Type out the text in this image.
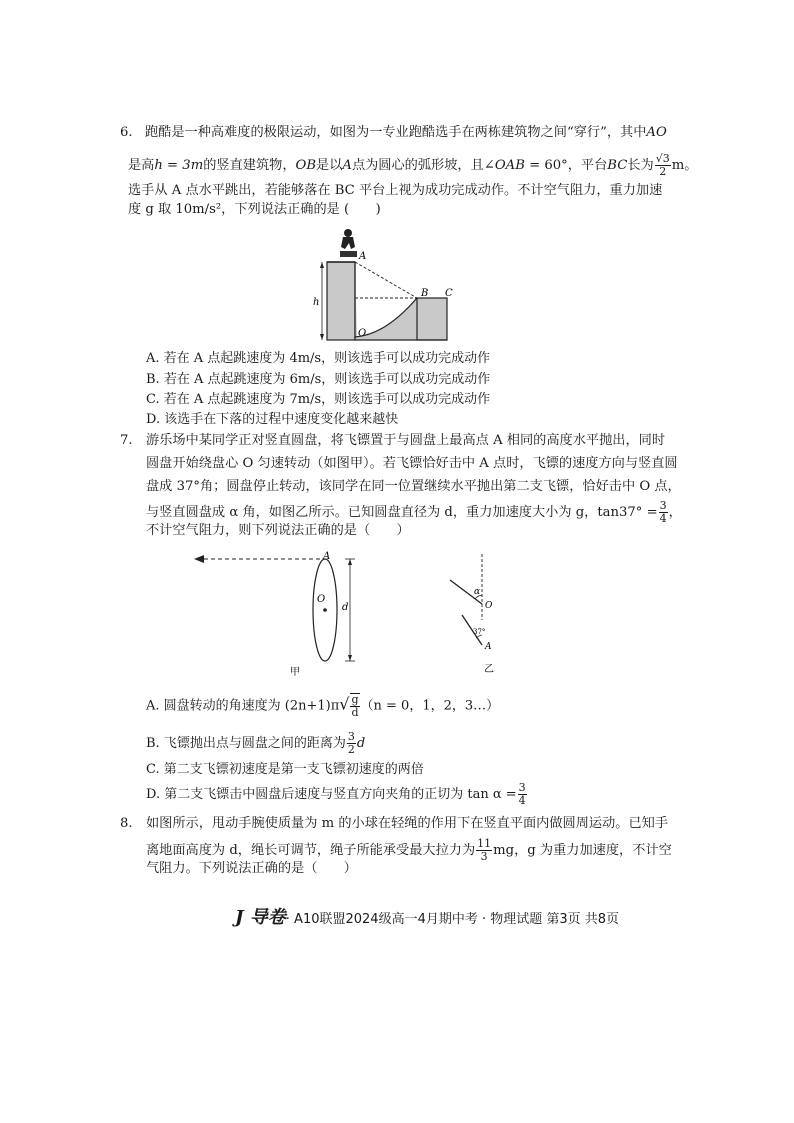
6. 跑酷是一种高难度的极限运动，如图为一专业跑酷选手在两栋建筑物之间“穿行”，其中AO
是高h = 3m的竖直建筑物，OB是以A点为圆心的弧形坡，且∠OAB = 60°，平台BC长为 $\frac{√3}{2}$ m。
选手从 A 点水平跳出，若能够落在 BC 平台上视为成功完成动作。不计空气阻力，重力加速
度 g 取 10m/s²，下列说法正确的是 (　　)
h
A
B C
O
A. 若在 A 点起跳速度为 4m/s，则该选手可以成功完成动作
B. 若在 A 点起跳速度为 6m/s，则该选手可以成功完成动作
C. 若在 A 点起跳速度为 7m/s，则该选手可以成功完成动作
D. 该选手在下落的过程中速度变化越来越快
7. 游乐场中某同学正对竖直圆盘，将飞镖置于与圆盘上最高点 A 相同的高度水平抛出，同时
圆盘开始绕盘心 O 匀速转动（如图甲）。若飞镖恰好击中 A 点时，飞镖的速度方向与竖直圆
盘成 37°角；圆盘停止转动，该同学在同一位置继续水平抛出第二支飞镖，恰好击中 O 点，
与竖直圆盘成 α 角，如图乙所示。已知圆盘直径为 d，重力加速度大小为 g，$\tan 37^\circ = \frac{3}{4}$ ，
不计空气阻力，则下列说法正确的是（　　）
A
O
d
甲
α
O
37°
A
乙
A. 圆盘转动的角速度为 $(2n+1)\pi√ \frac{g}{d} (n = 0$，1，2，3…）
B. 飞镖抛出点与圆盘之间的距离为 $\frac{3}{2}$ d
C. 第二支飞镖初速度是第一支飞镖初速度的两倍
D. 第二支飞镖击中圆盘后速度与竖直方向夹角的正切为 $\tan \alpha = \frac{3}{4}$
8. 如图所示，甩动手腕使质量为 m 的小球在轻绳的作用下在竖直平面内做圆周运动。已知手
离地面高度为 d，绳长可调节，绳子所能承受最大拉力为 $\frac{11}{3}$ mg，g 为重力加速度，不计空
气阻力。下列说法正确的是（　　）
J 导卷· A10联盟2024级高一4月期中考 · 物理试题 第3页 共8页
